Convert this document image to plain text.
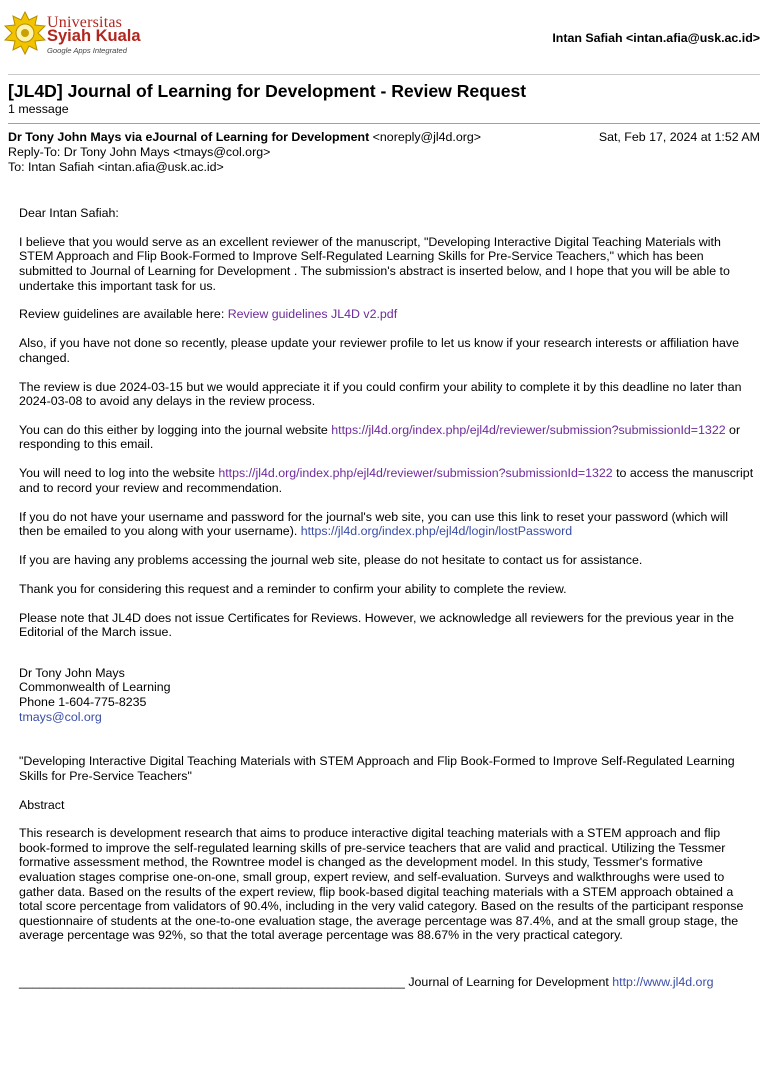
Universitas
Syiah Kuala
Google Apps Integrated
Intan Safiah <intan.afia@usk.ac.id>
[JL4D] Journal of Learning for Development - Review Request
1 message
Dr Tony John Mays via eJournal of Learning for Development <noreply@jl4d.org>	Sat, Feb 17, 2024 at 1:52 AM
Reply-To: Dr Tony John Mays <tmays@col.org>
To: Intan Safiah <intan.afia@usk.ac.id>

Dear Intan Safiah:

I believe that you would serve as an excellent reviewer of the manuscript, "Developing Interactive Digital Teaching Materials with STEM Approach and Flip Book-Formed to Improve Self-Regulated Learning Skills for Pre-Service Teachers," which has been submitted to Journal of Learning for Development . The submission's abstract is inserted below, and I hope that you will be able to undertake this important task for us.

Review guidelines are available here: Review guidelines JL4D v2.pdf

Also, if you have not done so recently, please update your reviewer profile to let us know if your research interests or affiliation have changed.

The review is due 2024-03-15 but we would appreciate it if you could confirm your ability to complete it by this deadline no later than 2024-03-08 to avoid any delays in the review process.

You can do this either by logging into the journal website https://jl4d.org/index.php/ejl4d/reviewer/submission?submissionId=1322 or responding to this email.

You will need to log into the website https://jl4d.org/index.php/ejl4d/reviewer/submission?submissionId=1322 to access the manuscript and to record your review and recommendation.

If you do not have your username and password for the journal's web site, you can use this link to reset your password (which will then be emailed to you along with your username). https://jl4d.org/index.php/ejl4d/login/lostPassword

If you are having any problems accessing the journal web site, please do not hesitate to contact us for assistance.

Thank you for considering this request and a reminder to confirm your ability to complete the review.

Please note that JL4D does not issue Certificates for Reviews. However, we acknowledge all reviewers for the previous year in the Editorial of the March issue.

Dr Tony John Mays

Commonwealth of Learning

Phone 1-604-775-8235

tmays@col.org

"Developing Interactive Digital Teaching Materials with STEM Approach and Flip Book-Formed to Improve Self-Regulated Learning Skills for Pre-Service Teachers"

Abstract

This research is development research that aims to produce interactive digital teaching materials with a STEM approach and flip book-formed to improve the self-regulated learning skills of pre-service teachers that are valid and practical. Utilizing the Tessmer formative assessment method, the Rowntree model is changed as the development model. In this study, Tessmer's formative evaluation stages comprise one-on-one, small group, expert review, and self-evaluation. Surveys and walkthroughs were used to gather data. Based on the results of the expert review, flip book-based digital teaching materials with a STEM approach obtained a total score percentage from validators of 90.4%, including in the very valid category. Based on the results of the participant response questionnaire of students at the one-to-one evaluation stage, the average percentage was 87.4%, and at the small group stage, the average percentage was 92%, so that the total average percentage was 88.67% in the very practical category.

________________________________________________________ Journal of Learning for Development http://www.jl4d.org
